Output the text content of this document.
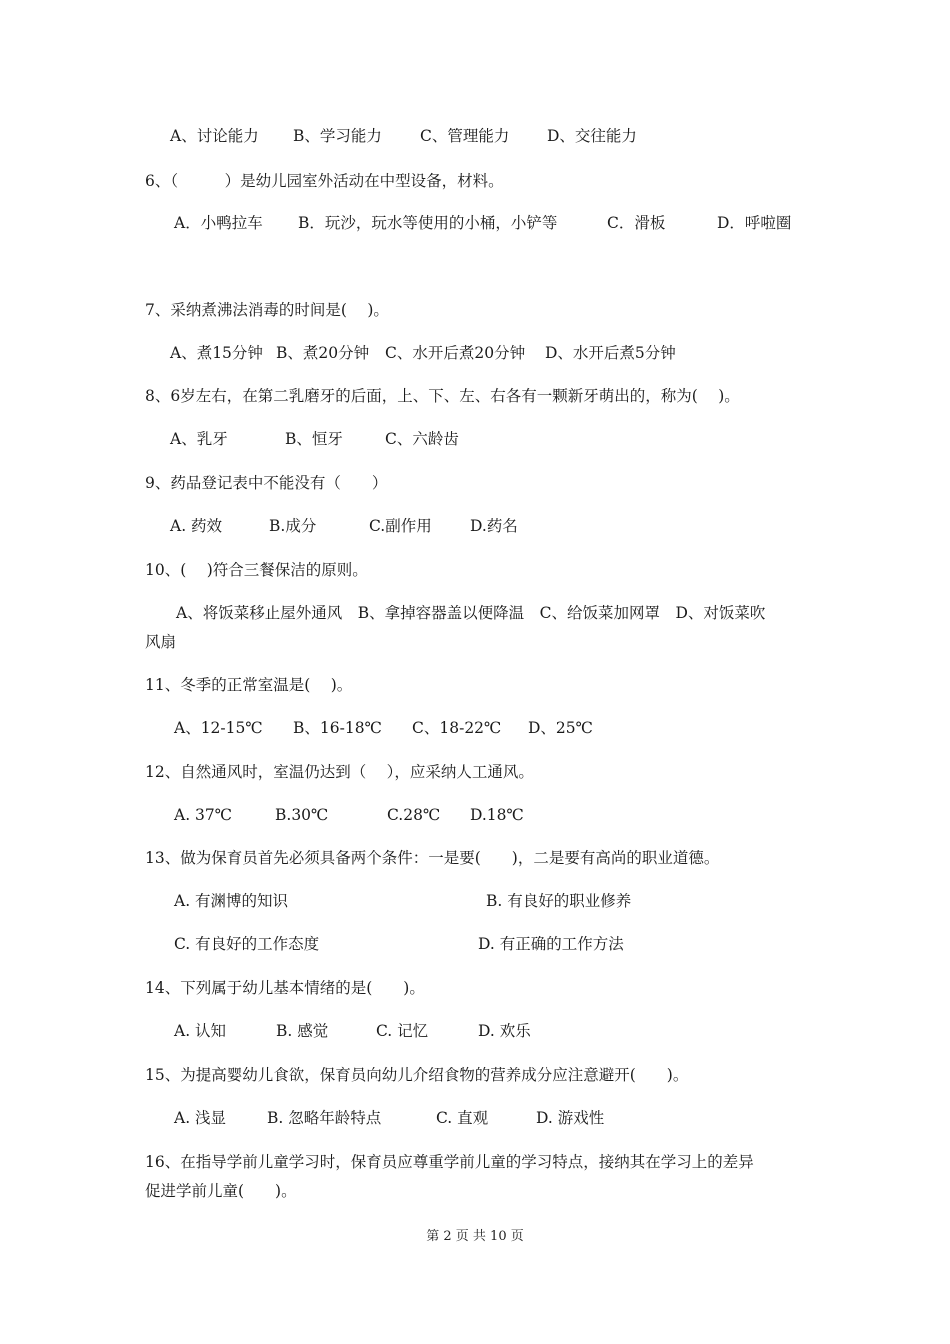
A、讨论能力 B、学习能力 C、管理能力 D、交往能力
6、（　　　）是幼儿园室外活动在中型设备，材料。
A．小鸭拉车 B．玩沙，玩水等使用的小桶，小铲等	C．滑板	D．呼啦圈
7、采纳煮沸法消毒的时间是(　 )。
A、煮15分钟 B、煮20分钟 C、水开后煮20分钟 D、水开后煮5分钟
8、6岁左右，在第二乳磨牙的后面，上、下、左、右各有一颗新牙萌出的，称为(　 )。
A、乳牙	B、恒牙	C、六龄齿
9、药品登记表中不能没有（　　）
A. 药效	B.成分	C.副作用 D.药名
10、(　 )符合三餐保洁的原则。
A、将饭菜移止屋外通风　B、拿掉容器盖以便降温　C、给饭菜加网罩　D、对饭菜吹
风扇
11、冬季的正常室温是(　 )。
A、12-15℃ B、16-18℃ C、18-22℃ D、25℃
12、自然通风时，室温仍达到（　 ），应采纳人工通风。
A. 37℃	B.30℃	C.28℃ D.18℃
13、做为保育员首先必须具备两个条件：一是要(　　)，二是要有高尚的职业道德。
A. 有渊博的知识	B. 有良好的职业修养
C. 有良好的工作态度	D. 有正确的工作方法
14、下列属于幼儿基本情绪的是(　　)。
A. 认知	B. 感觉	C. 记忆	D. 欢乐
15、为提高婴幼儿食欲，保育员向幼儿介绍食物的营养成分应注意避开(　　)。
A. 浅显	B. 忽略年龄特点	C. 直观	D. 游戏性
16、在指导学前儿童学习时，保育员应尊重学前儿童的学习特点，接纳其在学习上的差异
促进学前儿童(　　)。
第 2 页 共 10 页
